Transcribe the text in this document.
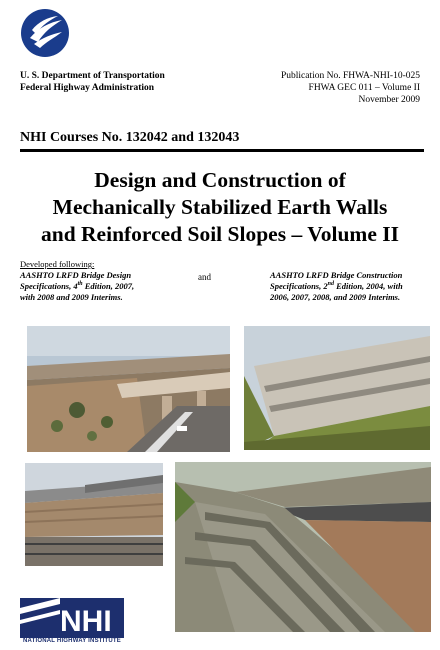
U. S. Department of Transportation
Federal Highway Administration
Publication No. FHWA-NHI-10-025
FHWA GEC 011 – Volume II
November 2009
NHI Courses No. 132042 and 132043
Design and Construction of
Mechanically Stabilized Earth Walls
and Reinforced Soil Slopes – Volume II
Developed following:
AASHTO LRFD Bridge Design
Specifications, 4th Edition, 2007,
with 2008 and 2009 Interims.
and	AASHTO LRFD Bridge Construction
Specifications, 2nd Edition, 2004, with
2006, 2007, 2008, and 2009 Interims.
NHI
NATIONAL HIGHWAY INSTITUTE
